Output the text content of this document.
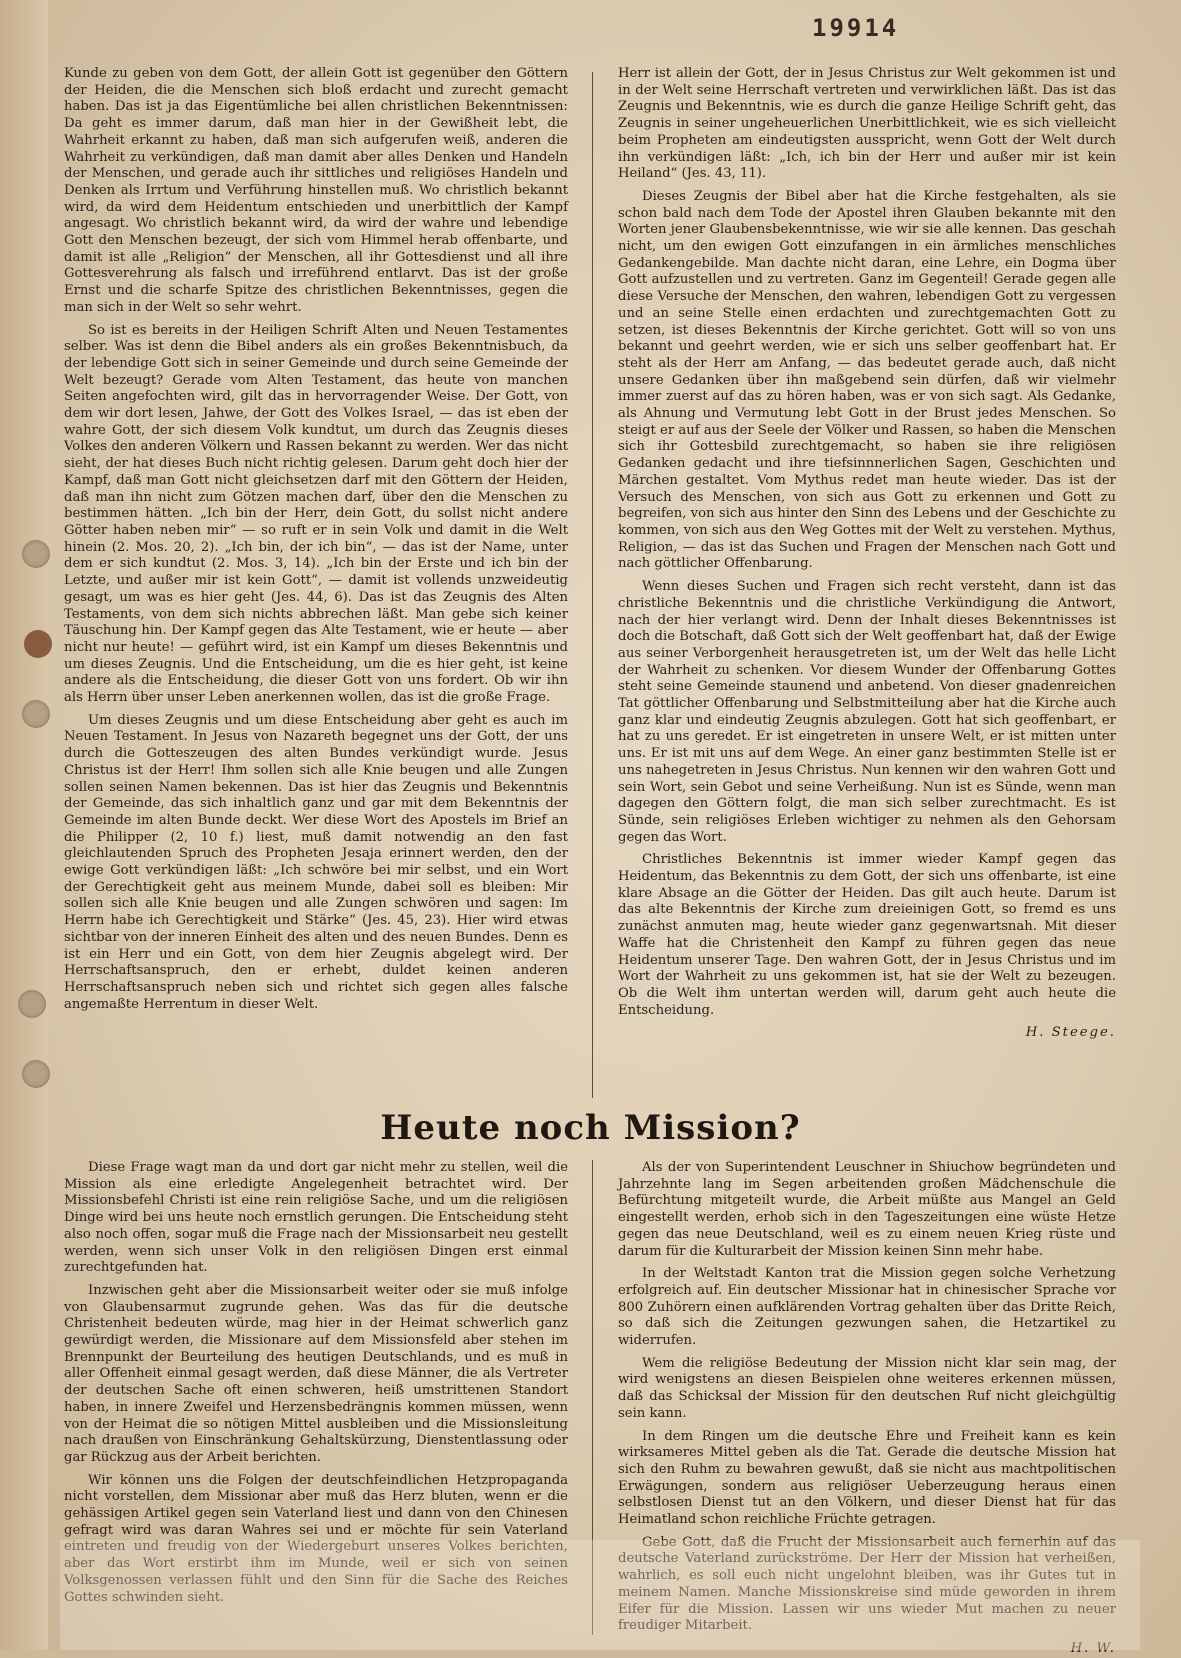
19914

Kunde zu geben von dem Gott, der allein Gott ist gegenüber den Göttern der Heiden, die die Menschen sich bloß erdacht und zurecht gemacht haben. Das ist ja das Eigentümliche bei allen christlichen Bekenntnissen: Da geht es immer darum, daß man hier in der Gewißheit lebt, die Wahrheit erkannt zu haben, daß man sich aufgerufen weiß, anderen die Wahrheit zu verkündigen, daß man damit aber alles Denken und Handeln der Menschen, und gerade auch ihr sittliches und religiöses Handeln und Denken als Irrtum und Verführung hinstellen muß. Wo christlich bekannt wird, da wird dem Heidentum entschieden und unerbittlich der Kampf angesagt. Wo christlich bekannt wird, da wird der wahre und lebendige Gott den Menschen bezeugt, der sich vom Himmel herab offenbarte, und damit ist alle „Religion“ der Menschen, all ihr Gottesdienst und all ihre Gottesverehrung als falsch und irreführend entlarvt. Das ist der große Ernst und die scharfe Spitze des christlichen Bekenntnisses, gegen die man sich in der Welt so sehr wehrt.

So ist es bereits in der Heiligen Schrift Alten und Neuen Testamentes selber. Was ist denn die Bibel anders als ein großes Bekenntnisbuch, da der lebendige Gott sich in seiner Gemeinde und durch seine Gemeinde der Welt bezeugt? Gerade vom Alten Testament, das heute von manchen Seiten angefochten wird, gilt das in hervorragender Weise. Der Gott, von dem wir dort lesen, Jahwe, der Gott des Volkes Israel, — das ist eben der wahre Gott, der sich diesem Volk kundtut, um durch das Zeugnis dieses Volkes den anderen Völkern und Rassen bekannt zu werden. Wer das nicht sieht, der hat dieses Buch nicht richtig gelesen. Darum geht doch hier der Kampf, daß man Gott nicht gleichsetzen darf mit den Göttern der Heiden, daß man ihn nicht zum Götzen machen darf, über den die Menschen zu bestimmen hätten. „Ich bin der Herr, dein Gott, du sollst nicht andere Götter haben neben mir“ — so ruft er in sein Volk und damit in die Welt hinein (2. Mos. 20, 2). „Ich bin, der ich bin“, — das ist der Name, unter dem er sich kundtut (2. Mos. 3, 14). „Ich bin der Erste und ich bin der Letzte, und außer mir ist kein Gott“, — damit ist vollends unzweideutig gesagt, um was es hier geht (Jes. 44, 6). Das ist das Zeugnis des Alten Testaments, von dem sich nichts abbrechen läßt. Man gebe sich keiner Täuschung hin. Der Kampf gegen das Alte Testament, wie er heute — aber nicht nur heute! — geführt wird, ist ein Kampf um dieses Bekenntnis und um dieses Zeugnis. Und die Entscheidung, um die es hier geht, ist keine andere als die Entscheidung, die dieser Gott von uns fordert. Ob wir ihn als Herrn über unser Leben anerkennen wollen, das ist die große Frage.

Um dieses Zeugnis und um diese Entscheidung aber geht es auch im Neuen Testament. In Jesus von Nazareth begegnet uns der Gott, der uns durch die Gotteszeugen des alten Bundes verkündigt wurde. Jesus Christus ist der Herr! Ihm sollen sich alle Knie beugen und alle Zungen sollen seinen Namen bekennen. Das ist hier das Zeugnis und Bekenntnis der Gemeinde, das sich inhaltlich ganz und gar mit dem Bekenntnis der Gemeinde im alten Bunde deckt. Wer diese Wort des Apostels im Brief an die Philipper (2, 10 f.) liest, muß damit notwendig an den fast gleichlautenden Spruch des Propheten Jesaja erinnert werden, den der ewige Gott verkündigen läßt: „Ich schwöre bei mir selbst, und ein Wort der Gerechtigkeit geht aus meinem Munde, dabei soll es bleiben: Mir sollen sich alle Knie beugen und alle Zungen schwören und sagen: Im Herrn habe ich Gerechtigkeit und Stärke“ (Jes. 45, 23). Hier wird etwas sichtbar von der inneren Einheit des alten und des neuen Bundes. Denn es ist ein Herr und ein Gott, von dem hier Zeugnis abgelegt wird. Der Herrschaftsanspruch, den er erhebt, duldet keinen anderen Herrschaftsanspruch neben sich und richtet sich gegen alles falsche angemaßte Herrentum in dieser Welt.

Herr ist allein der Gott, der in Jesus Christus zur Welt gekommen ist und in der Welt seine Herrschaft vertreten und verwirklichen läßt. Das ist das Zeugnis und Bekenntnis, wie es durch die ganze Heilige Schrift geht, das Zeugnis in seiner ungeheuerlichen Unerbittlichkeit, wie es sich vielleicht beim Propheten am eindeutigsten ausspricht, wenn Gott der Welt durch ihn verkündigen läßt: „Ich, ich bin der Herr und außer mir ist kein Heiland“ (Jes. 43, 11).

Dieses Zeugnis der Bibel aber hat die Kirche festgehalten, als sie schon bald nach dem Tode der Apostel ihren Glauben bekannte mit den Worten jener Glaubensbekenntnisse, wie wir sie alle kennen. Das geschah nicht, um den ewigen Gott einzufangen in ein ärmliches menschliches Gedankengebilde. Man dachte nicht daran, eine Lehre, ein Dogma über Gott aufzustellen und zu vertreten. Ganz im Gegenteil! Gerade gegen alle diese Versuche der Menschen, den wahren, lebendigen Gott zu vergessen und an seine Stelle einen erdachten und zurechtgemachten Gott zu setzen, ist dieses Bekenntnis der Kirche gerichtet. Gott will so von uns bekannt und geehrt werden, wie er sich uns selber geoffenbart hat. Er steht als der Herr am Anfang, — das bedeutet gerade auch, daß nicht unsere Gedanken über ihn maßgebend sein dürfen, daß wir vielmehr immer zuerst auf das zu hören haben, was er von sich sagt. Als Gedanke, als Ahnung und Vermutung lebt Gott in der Brust jedes Menschen. So steigt er auf aus der Seele der Völker und Rassen, so haben die Menschen sich ihr Gottesbild zurechtgemacht, so haben sie ihre religiösen Gedanken gedacht und ihre tiefsinnnerlichen Sagen, Geschichten und Märchen gestaltet. Vom Mythus redet man heute wieder. Das ist der Versuch des Menschen, von sich aus Gott zu erkennen und Gott zu begreifen, von sich aus hinter den Sinn des Lebens und der Geschichte zu kommen, von sich aus den Weg Gottes mit der Welt zu verstehen. Mythus, Religion, — das ist das Suchen und Fragen der Menschen nach Gott und nach göttlicher Offenbarung.

Wenn dieses Suchen und Fragen sich recht versteht, dann ist das christliche Bekenntnis und die christliche Verkündigung die Antwort, nach der hier verlangt wird. Denn der Inhalt dieses Bekenntnisses ist doch die Botschaft, daß Gott sich der Welt geoffenbart hat, daß der Ewige aus seiner Verborgenheit herausgetreten ist, um der Welt das helle Licht der Wahrheit zu schenken. Vor diesem Wunder der Offenbarung Gottes steht seine Gemeinde staunend und anbetend. Von dieser gnadenreichen Tat göttlicher Offenbarung und Selbstmitteilung aber hat die Kirche auch ganz klar und eindeutig Zeugnis abzulegen. Gott hat sich geoffenbart, er hat zu uns geredet. Er ist eingetreten in unsere Welt, er ist mitten unter uns. Er ist mit uns auf dem Wege. An einer ganz bestimmten Stelle ist er uns nahegetreten in Jesus Christus. Nun kennen wir den wahren Gott und sein Wort, sein Gebot und seine Verheißung. Nun ist es Sünde, wenn man dagegen den Göttern folgt, die man sich selber zurechtmacht. Es ist Sünde, sein religiöses Erleben wichtiger zu nehmen als den Gehorsam gegen das Wort.

Christliches Bekenntnis ist immer wieder Kampf gegen das Heidentum, das Bekenntnis zu dem Gott, der sich uns offenbarte, ist eine klare Absage an die Götter der Heiden. Das gilt auch heute. Darum ist das alte Bekenntnis der Kirche zum dreieinigen Gott, so fremd es uns zunächst anmuten mag, heute wieder ganz gegenwartsnah. Mit dieser Waffe hat die Christenheit den Kampf zu führen gegen das neue Heidentum unserer Tage. Den wahren Gott, der in Jesus Christus und im Wort der Wahrheit zu uns gekommen ist, hat sie der Welt zu bezeugen. Ob die Welt ihm untertan werden will, darum geht auch heute die Entscheidung.

H. Steege.

Heute noch Mission?

Diese Frage wagt man da und dort gar nicht mehr zu stellen, weil die Mission als eine erledigte Angelegenheit betrachtet wird. Der Missionsbefehl Christi ist eine rein religiöse Sache, und um die religiösen Dinge wird bei uns heute noch ernstlich gerungen. Die Entscheidung steht also noch offen, sogar muß die Frage nach der Missionsarbeit neu gestellt werden, wenn sich unser Volk in den religiösen Dingen erst einmal zurechtgefunden hat.

Inzwischen geht aber die Missionsarbeit weiter oder sie muß infolge von Glaubensarmut zugrunde gehen. Was das für die deutsche Christenheit bedeuten würde, mag hier in der Heimat schwerlich ganz gewürdigt werden, die Missionare auf dem Missionsfeld aber stehen im Brennpunkt der Beurteilung des heutigen Deutschlands, und es muß in aller Offenheit einmal gesagt werden, daß diese Männer, die als Vertreter der deutschen Sache oft einen schweren, heiß umstrittenen Standort haben, in innere Zweifel und Herzensbedrängnis kommen müssen, wenn von der Heimat die so nötigen Mittel ausbleiben und die Missionsleitung nach draußen von Einschränkung Gehaltskürzung, Dienstentlassung oder gar Rückzug aus der Arbeit berichten.

Wir können uns die Folgen der deutschfeindlichen Hetzpropaganda nicht vorstellen, dem Missionar aber muß das Herz bluten, wenn er die gehässigen Artikel gegen sein Vaterland liest und dann von den Chinesen gefragt wird was daran Wahres sei und er möchte für sein Vaterland eintreten und freudig von der Wiedergeburt unseres Volkes berichten, aber das Wort erstirbt ihm im Munde, weil er sich von seinen Volksgenossen verlassen fühlt und den Sinn für die Sache des Reiches Gottes schwinden sieht.

Als der von Superintendent Leuschner in Shiuchow begründeten und Jahrzehnte lang im Segen arbeitenden großen Mädchenschule die Befürchtung mitgeteilt wurde, die Arbeit müßte aus Mangel an Geld eingestellt werden, erhob sich in den Tageszeitungen eine wüste Hetze gegen das neue Deutschland, weil es zu einem neuen Krieg rüste und darum für die Kulturarbeit der Mission keinen Sinn mehr habe.

In der Weltstadt Kanton trat die Mission gegen solche Verhetzung erfolgreich auf. Ein deutscher Missionar hat in chinesischer Sprache vor 800 Zuhörern einen aufklärenden Vortrag gehalten über das Dritte Reich, so daß sich die Zeitungen gezwungen sahen, die Hetzartikel zu widerrufen.

Wem die religiöse Bedeutung der Mission nicht klar sein mag, der wird wenigstens an diesen Beispielen ohne weiteres erkennen müssen, daß das Schicksal der Mission für den deutschen Ruf nicht gleichgültig sein kann.

In dem Ringen um die deutsche Ehre und Freiheit kann es kein wirksameres Mittel geben als die Tat. Gerade die deutsche Mission hat sich den Ruhm zu bewahren gewußt, daß sie nicht aus machtpolitischen Erwägungen, sondern aus religiöser Ueberzeugung heraus einen selbstlosen Dienst tut an den Völkern, und dieser Dienst hat für das Heimatland schon reichliche Früchte getragen.

Gebe Gott, daß die Frucht der Missionsarbeit auch fernerhin auf das deutsche Vaterland zurückströme. Der Herr der Mission hat verheißen, wahrlich, es soll euch nicht ungelohnt bleiben, was ihr Gutes tut in meinem Namen. Manche Missionskreise sind müde geworden in ihrem Eifer für die Mission. Lassen wir uns wieder Mut machen zu neuer freudiger Mitarbeit.

H. W.
